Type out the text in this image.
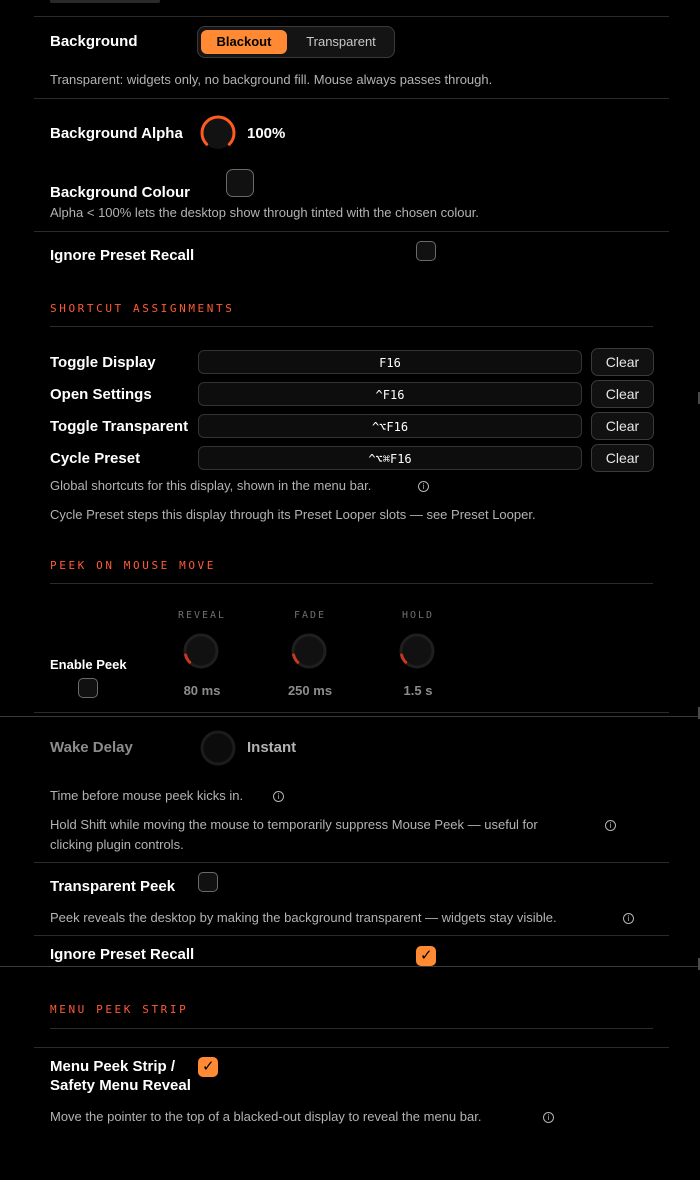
Background	Blackout	Transparent
Transparent: widgets only, no background fill. Mouse always passes through.
Background Alpha	100%
Background Colour
Alpha < 100% lets the desktop show through tinted with the chosen colour.
Ignore Preset Recall
SHORTCUT ASSIGNMENTS
Toggle Display	F16	Clear
Open Settings	^F16	Clear
Toggle Transparent	^⌥F16	Clear
Cycle Preset	^⌥⌘F16	Clear
Global shortcuts for this display, shown in the menu bar.	i
Cycle Preset steps this display through its Preset Looper slots — see Preset Looper.
PEEK ON MOUSE MOVE
REVEAL	FADE	HOLD
Enable Peek
80 ms	250 ms	1.5 s
Wake Delay	Instant
Time before mouse peek kicks in.	i
Hold Shift while moving the mouse to temporarily suppress Mouse Peek — useful for	i
clicking plugin controls.
Transparent Peek
Peek reveals the desktop by making the background transparent — widgets stay visible.	i
Ignore Preset Recall	✓
MENU PEEK STRIP
Menu Peek Strip /
Safety Menu Reveal
✓
Move the pointer to the top of a blacked-out display to reveal the menu bar.	i
